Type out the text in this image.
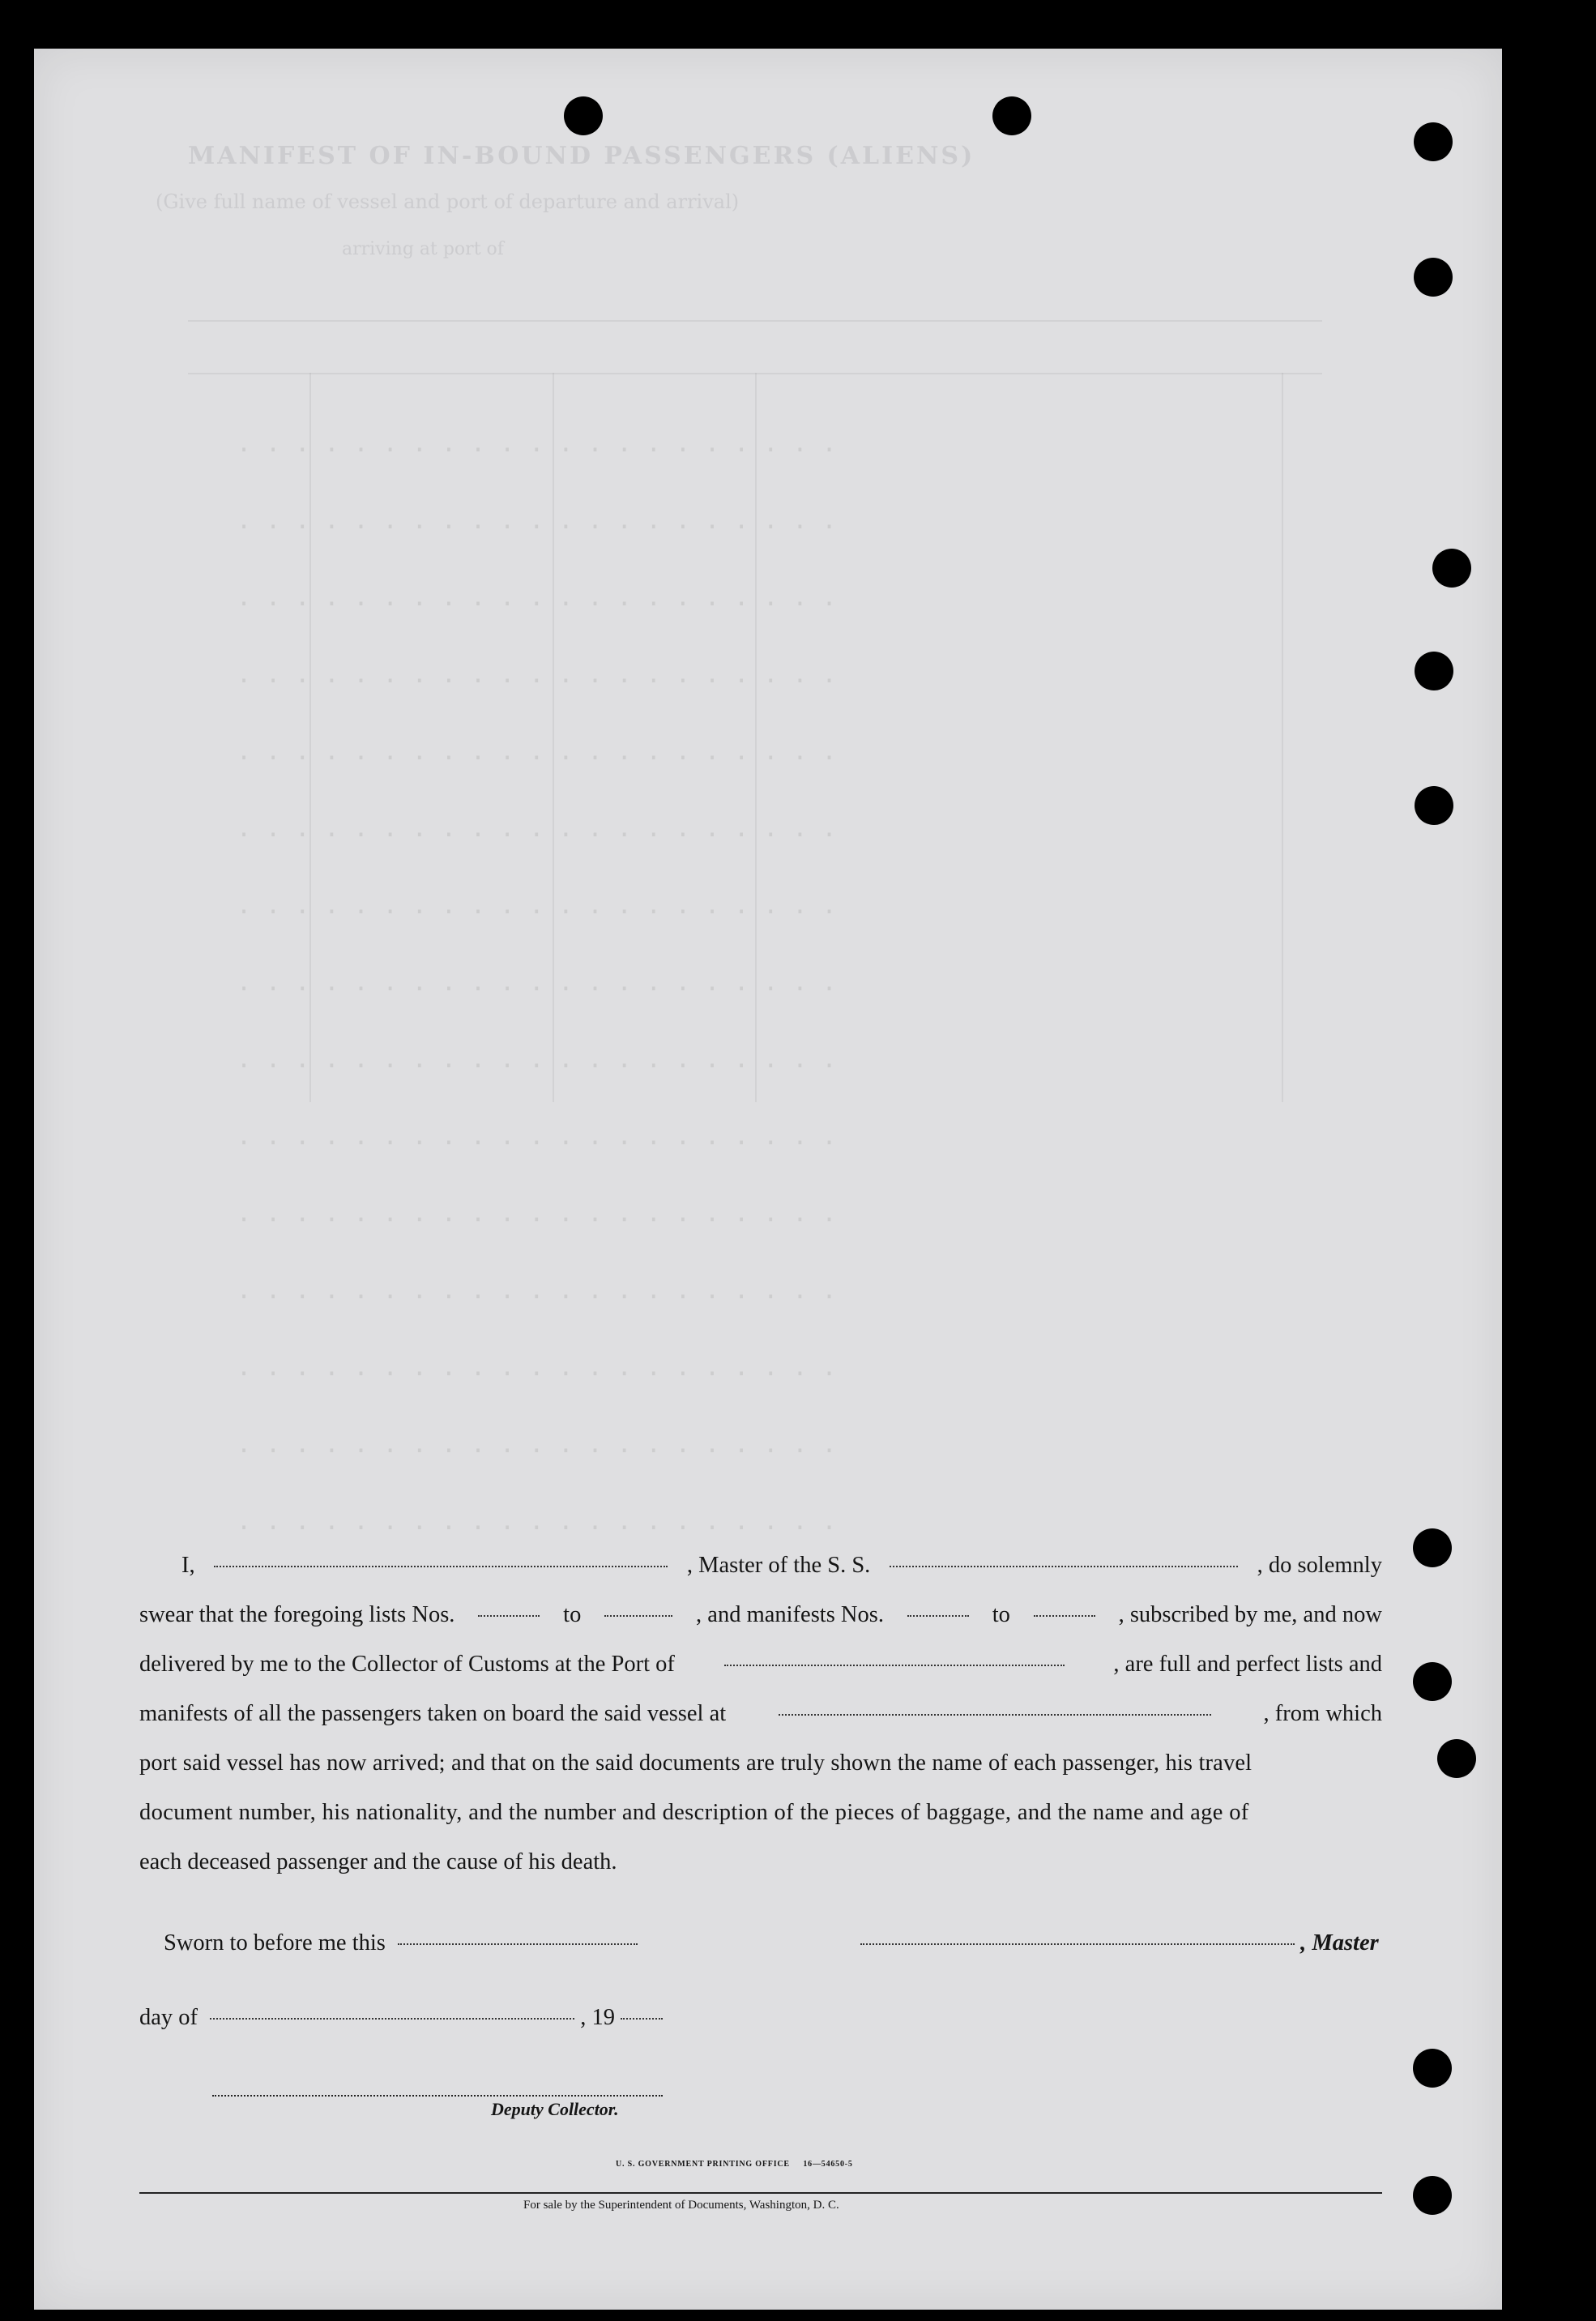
MANIFEST OF IN-BOUND PASSENGERS (ALIENS)
(Give full name of vessel and port of departure and arrival)
arriving at port of
. . . . . . . . . . . . . . . . . . . . .
. . . . . . . . . . . . . . . . . . . . .
. . . . . . . . . . . . . . . . . . . . .
. . . . . . . . . . . . . . . . . . . . .
. . . . . . . . . . . . . . . . . . . . .
. . . . . . . . . . . . . . . . . . . . .
. . . . . . . . . . . . . . . . . . . . .
. . . . . . . . . . . . . . . . . . . . .
. . . . . . . . . . . . . . . . . . . . .
. . . . . . . . . . . . . . . . . . . . .
. . . . . . . . . . . . . . . . . . . . .
. . . . . . . . . . . . . . . . . . . . .
. . . . . . . . . . . . . . . . . . . . .
. . . . . . . . . . . . . . . . . . . . .
. . . . . . . . . . . . . . . . . . . . .
I,	, Master of the S. S.	, do solemnly
swear that the foregoing lists Nos.	to	, and manifests Nos.	to	, subscribed by me, and now
delivered by me to the Collector of Customs at the Port of	, are full and perfect lists and
manifests of all the passengers taken on board the said vessel at	, from which
port said vessel has now arrived; and that on the said documents are truly shown the name of each passenger, his travel
document number, his nationality, and the number and description of the pieces of baggage, and the name and age of
each deceased passenger and the cause of his death.
Sworn to before me this	, Master
day of	, 19
Deputy Collector.
U. S. GOVERNMENT PRINTING OFFICE     16—54650-5
For sale by the Superintendent of Documents, Washington, D. C.
